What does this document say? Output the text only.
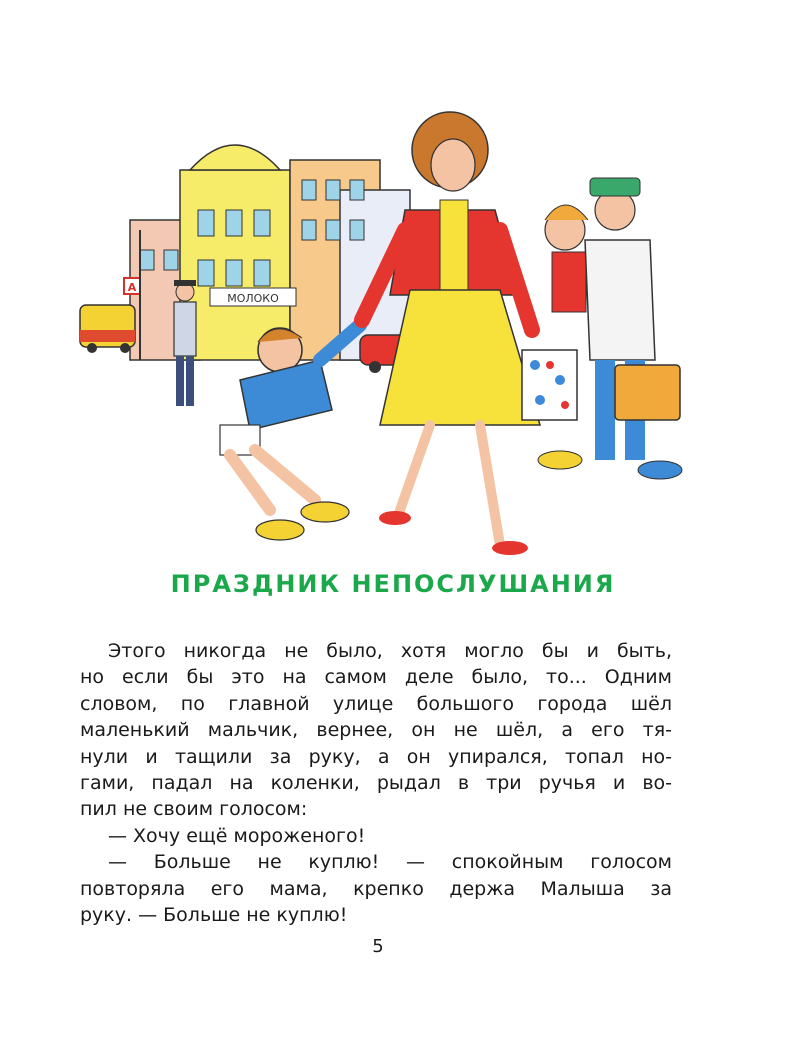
МОЛОКО
А
ПРАЗДНИК НЕПОСЛУШАНИЯ
Этого никогда не было, хотя могло бы и быть,
но если бы это на самом деле было, то... Одним
словом, по главной улице большого города шёл
маленький мальчик, вернее, он не шёл, а его тя-
нули и тащили за руку, а он упирался, топал но-
гами, падал на коленки, рыдал в три ручья и во-
пил не своим голосом:
— Хочу ещё мороженого!
— Больше не куплю! — спокойным голосом
повторяла его мама, крепко держа Малыша за
руку. — Больше не куплю!
5
